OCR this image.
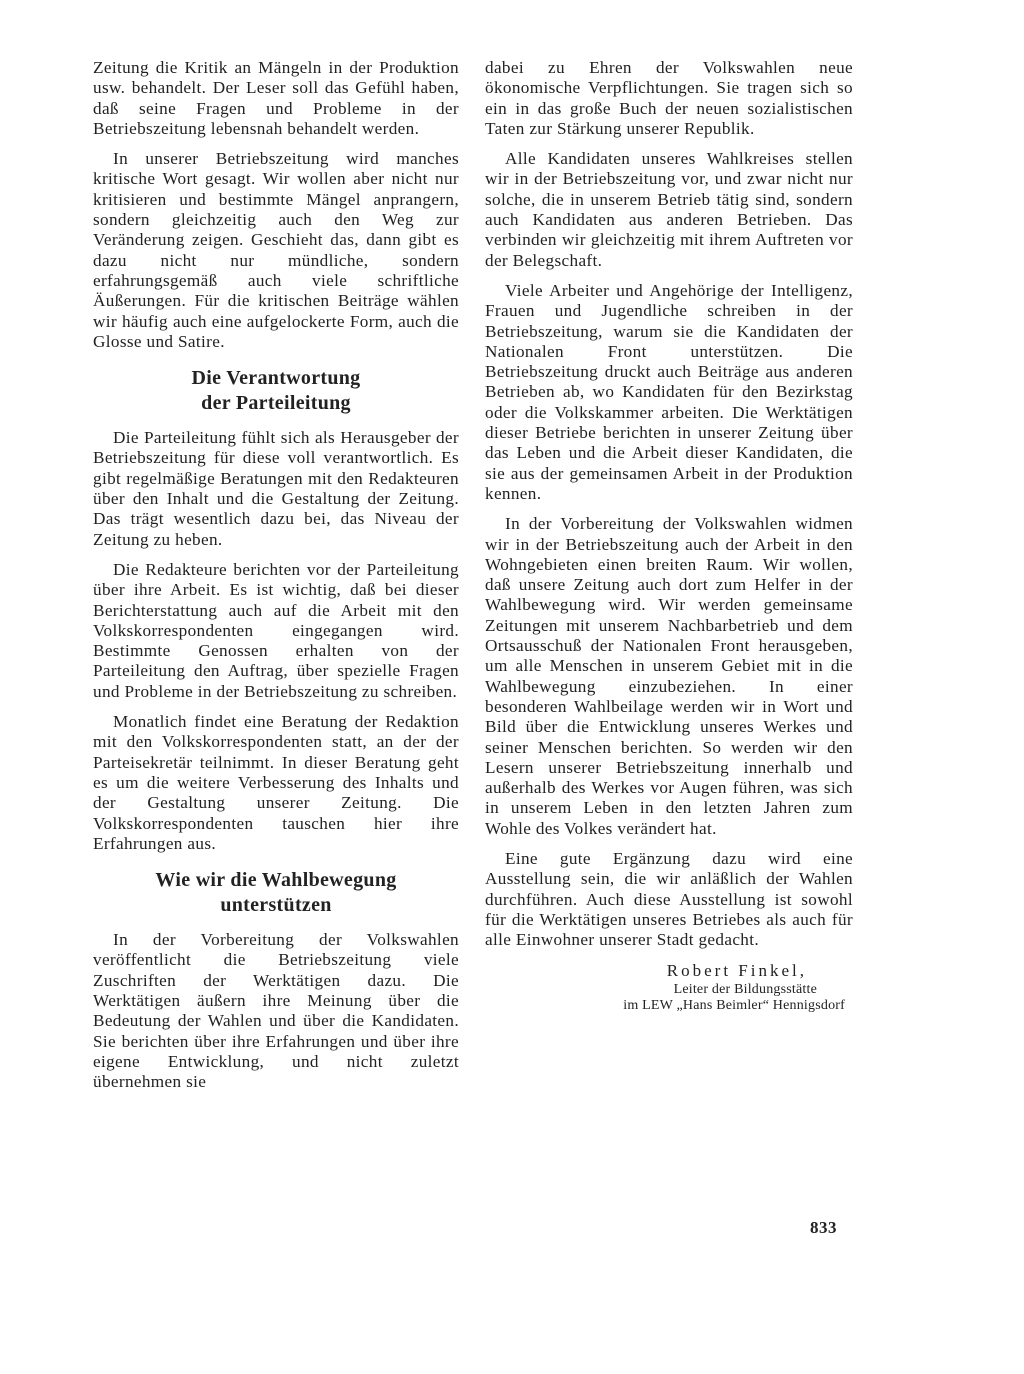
Zeitung die Kritik an Mängeln in der Produktion usw. behandelt. Der Leser soll das Gefühl haben, daß seine Fragen und Probleme in der Betriebszeitung lebensnah behandelt werden.

In unserer Betriebszeitung wird manches kritische Wort gesagt. Wir wollen aber nicht nur kritisieren und bestimmte Mängel anprangern, sondern gleichzeitig auch den Weg zur Veränderung zeigen. Geschieht das, dann gibt es dazu nicht nur mündliche, sondern erfahrungsgemäß auch viele schriftliche Äußerungen. Für die kritischen Beiträge wählen wir häufig auch eine aufgelockerte Form, auch die Glosse und Satire.

Die Verantwortung
der Parteileitung

Die Parteileitung fühlt sich als Herausgeber der Betriebszeitung für diese voll verantwortlich. Es gibt regelmäßige Beratungen mit den Redakteuren über den Inhalt und die Gestaltung der Zeitung. Das trägt wesentlich dazu bei, das Niveau der Zeitung zu heben.

Die Redakteure berichten vor der Parteileitung über ihre Arbeit. Es ist wichtig, daß bei dieser Berichterstattung auch auf die Arbeit mit den Volkskorrespondenten eingegangen wird. Bestimmte Genossen erhalten von der Parteileitung den Auftrag, über spezielle Fragen und Probleme in der Betriebszeitung zu schreiben.

Monatlich findet eine Beratung der Redaktion mit den Volkskorrespondenten statt, an der der Parteisekretär teilnimmt. In dieser Beratung geht es um die weitere Verbesserung des Inhalts und der Gestaltung unserer Zeitung. Die Volkskorrespondenten tauschen hier ihre Erfahrungen aus.

Wie wir die Wahlbewegung
unterstützen

In der Vorbereitung der Volkswahlen veröffentlicht die Betriebszeitung viele Zuschriften der Werktätigen dazu. Die Werktätigen äußern ihre Meinung über die Bedeutung der Wahlen und über die Kandidaten. Sie berichten über ihre Erfahrungen und über ihre eigene Entwicklung, und nicht zuletzt übernehmen sie

dabei zu Ehren der Volkswahlen neue ökonomische Verpflichtungen. Sie tragen sich so ein in das große Buch der neuen sozialistischen Taten zur Stärkung unserer Republik.

Alle Kandidaten unseres Wahlkreises stellen wir in der Betriebszeitung vor, und zwar nicht nur solche, die in unserem Betrieb tätig sind, sondern auch Kandidaten aus anderen Betrieben. Das verbinden wir gleichzeitig mit ihrem Auftreten vor der Belegschaft.

Viele Arbeiter und Angehörige der Intelligenz, Frauen und Jugendliche schreiben in der Betriebszeitung, warum sie die Kandidaten der Nationalen Front unterstützen. Die Betriebszeitung druckt auch Beiträge aus anderen Betrieben ab, wo Kandidaten für den Bezirkstag oder die Volkskammer arbeiten. Die Werktätigen dieser Betriebe berichten in unserer Zeitung über das Leben und die Arbeit dieser Kandidaten, die sie aus der gemeinsamen Arbeit in der Produktion kennen.

In der Vorbereitung der Volkswahlen widmen wir in der Betriebszeitung auch der Arbeit in den Wohngebieten einen breiten Raum. Wir wollen, daß unsere Zeitung auch dort zum Helfer in der Wahlbewegung wird. Wir werden gemeinsame Zeitungen mit unserem Nachbarbetrieb und dem Ortsausschuß der Nationalen Front herausgeben, um alle Menschen in unserem Gebiet mit in die Wahlbewegung einzubeziehen. In einer besonderen Wahlbeilage werden wir in Wort und Bild über die Entwicklung unseres Werkes und seiner Menschen berichten. So werden wir den Lesern unserer Betriebszeitung innerhalb und außerhalb des Werkes vor Augen führen, was sich in unserem Leben in den letzten Jahren zum Wohle des Volkes verändert hat.

Eine gute Ergänzung dazu wird eine Ausstellung sein, die wir anläßlich der Wahlen durchführen. Auch diese Ausstellung ist sowohl für die Werktätigen unseres Betriebes als auch für alle Einwohner unserer Stadt gedacht.

Robert Finkel,
Leiter der Bildungsstätte
im LEW „Hans Beimler“ Hennigsdorf
833
